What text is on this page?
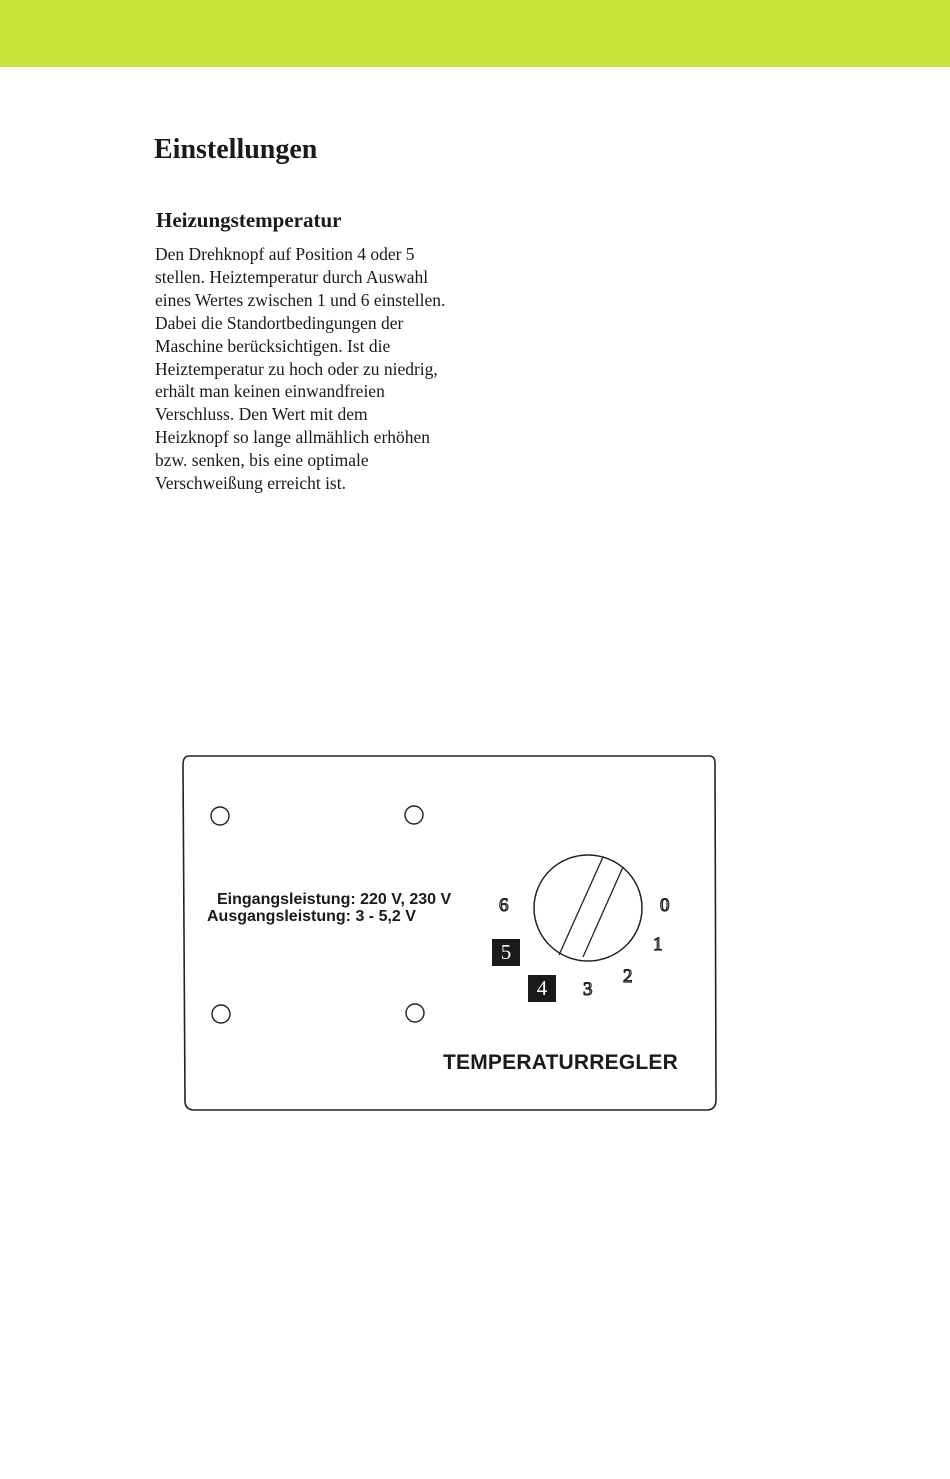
Einstellungen
Heizungstemperatur

Den Drehknopf auf Position 4 oder 5
stellen. Heiztemperatur durch Auswahl
eines Wertes zwischen 1 und 6 einstellen.
Dabei die Standortbedingungen der
Maschine berücksichtigen. Ist die
Heiztemperatur zu hoch oder zu niedrig,
erhält man keinen einwandfreien
Verschluss. Den Wert mit dem
Heizknopf so lange allmählich erhöhen
bzw. senken, bis eine optimale
Verschweißung erreicht ist.

Eingangsleistung: 220 V, 230 V
Ausgangsleistung: 3 - 5,2 V
6	0
1
2
3
5
4
TEMPERATURREGLER
